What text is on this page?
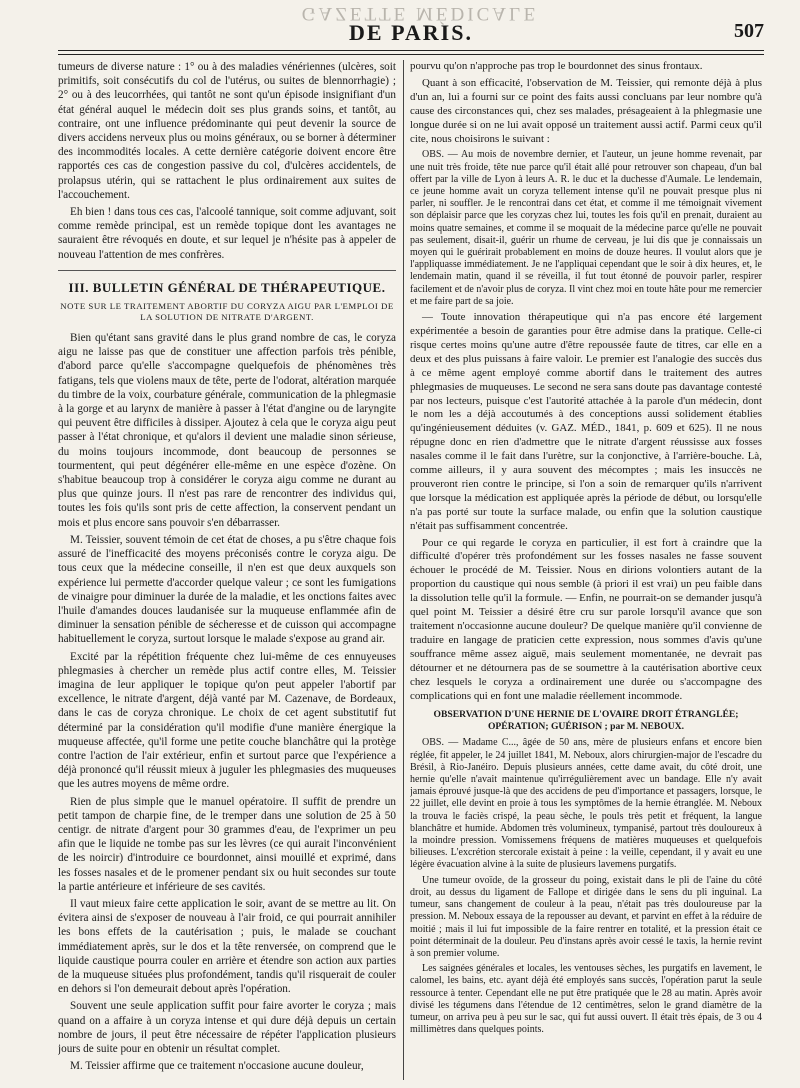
GAZETTE MÉDICALE
DE PARIS.	507

tumeurs de diverse nature : 1° ou à des maladies vénériennes (ulcères, soit primitifs, soit consécutifs du col de l'utérus, ou suites de blennorrhagie) ; 2° ou à des leucorrhées, qui tantôt ne sont qu'un épisode insignifiant d'un état général auquel le médecin doit ses plus grands soins, et tantôt, au contraire, ont une influence prédominante qui peut devenir la source de divers accidens nerveux plus ou moins généraux, ou se borner à déterminer des incommodités locales. A cette dernière catégorie doivent encore être rapportés ces cas de congestion passive du col, d'ulcères accidentels, de prolapsus utérin, qui se rattachent le plus ordinairement aux suites de l'accouchement.

Eh bien ! dans tous ces cas, l'alcoolé tannique, soit comme adjuvant, soit comme remède principal, est un remède topique dont les avantages ne sauraient être révoqués en doute, et sur lequel je n'hésite pas à appeler de nouveau l'attention de mes confrères.

III. BULLETIN GÉNÉRAL DE THÉRAPEUTIQUE.
NOTE SUR LE TRAITEMENT ABORTIF DU CORYZA AIGU PAR L'EMPLOI DE LA SOLUTION DE NITRATE D'ARGENT.

Bien qu'étant sans gravité dans le plus grand nombre de cas, le coryza aigu ne laisse pas que de constituer une affection parfois très pénible, d'abord parce qu'elle s'accompagne quelquefois de phénomènes très fatigans, tels que violens maux de tête, perte de l'odorat, altération marquée du timbre de la voix, courbature générale, communication de la phlegmasie à la gorge et au larynx de manière à passer à l'état d'angine ou de laryngite qui peuvent être difficiles à dissiper. Ajoutez à cela que le coryza aigu peut passer à l'état chronique, et qu'alors il devient une maladie sinon sérieuse, du moins toujours incommode, dont beaucoup de personnes se tourmentent, qui peut dégénérer elle-même en une espèce d'ozène. On s'habitue beaucoup trop à considérer le coryza aigu comme ne durant au plus que quinze jours. Il n'est pas rare de rencontrer des individus qui, toutes les fois qu'ils sont pris de cette affection, la conservent pendant un mois et plus encore sans pouvoir s'en débarrasser.

M. Teissier, souvent témoin de cet état de choses, a pu s'être chaque fois assuré de l'inefficacité des moyens préconisés contre le coryza aigu. De tous ceux que la médecine conseille, il n'en est que deux auxquels son expérience lui permette d'accorder quelque valeur ; ce sont les fumigations de vinaigre pour diminuer la durée de la maladie, et les onctions faites avec l'huile d'amandes douces laudanisée sur la muqueuse enflammée afin de diminuer la sensation pénible de sécheresse et de cuisson qui accompagne habituellement le coryza, surtout lorsque le malade s'expose au grand air.

Excité par la répétition fréquente chez lui-même de ces ennuyeuses phlegmasies à chercher un remède plus actif contre elles, M. Teissier imagina de leur appliquer le topique qu'on peut appeler l'abortif par excellence, le nitrate d'argent, déjà vanté par M. Cazenave, de Bordeaux, dans le cas de coryza chronique. Le choix de cet agent substitutif fut déterminé par la considération qu'il modifie d'une manière énergique la muqueuse affectée, qu'il forme une petite couche blanchâtre qui la protège contre l'action de l'air extérieur, enfin et surtout parce que l'expérience a déjà prononcé qu'il réussit mieux à juguler les phlegmasies des muqueuses que les autres moyens de même ordre.

Rien de plus simple que le manuel opératoire. Il suffit de prendre un petit tampon de charpie fine, de le tremper dans une solution de 25 à 50 centigr. de nitrate d'argent pour 30 grammes d'eau, de l'exprimer un peu afin que le liquide ne tombe pas sur les lèvres (ce qui aurait l'inconvénient de les noircir) d'introduire ce bourdonnet, ainsi mouillé et exprimé, dans les fosses nasales et de le promener pendant six ou huit secondes sur toute la partie antérieure et inférieure de ses cavités.

Il vaut mieux faire cette application le soir, avant de se mettre au lit. On évitera ainsi de s'exposer de nouveau à l'air froid, ce qui pourrait annihiler les bons effets de la cautérisation ; puis, le malade se couchant immédiatement après, sur le dos et la tête renversée, on comprend que le liquide caustique pourra couler en arrière et étendre son action aux parties de la muqueuse situées plus profondément, tandis qu'il risquerait de couler en dehors si l'on demeurait debout après l'opération.

Souvent une seule application suffit pour faire avorter le coryza ; mais quand on a affaire à un coryza intense et qui dure déjà depuis un certain nombre de jours, il peut être nécessaire de répéter l'application plusieurs jours de suite pour en obtenir un résultat complet.

M. Teissier affirme que ce traitement n'occasione aucune douleur,

pourvu qu'on n'approche pas trop le bourdonnet des sinus frontaux.

Quant à son efficacité, l'observation de M. Teissier, qui remonte déjà à plus d'un an, lui a fourni sur ce point des faits aussi concluans par leur nombre qu'à cause des circonstances qui, chez ses malades, présageaient à la phlegmasie une longue durée si on ne lui avait opposé un traitement aussi actif. Parmi ceux qu'il cite, nous choisirons le suivant :

OBS. — Au mois de novembre dernier, et l'auteur, un jeune homme revenait, par une nuit très froide, tête nue parce qu'il était allé pour retrouver son chapeau, d'un bal offert par la ville de Lyon à leurs A. R. le duc et la duchesse d'Aumale. Le lendemain, ce jeune homme avait un coryza tellement intense qu'il ne pouvait presque plus ni parler, ni souffler. Je le rencontrai dans cet état, et comme il me témoignait vivement son déplaisir parce que les coryzas chez lui, toutes les fois qu'il en prenait, duraient au moins quatre semaines, et comme il se moquait de la médecine parce qu'elle ne pouvait pas seulement, disait-il, guérir un rhume de cerveau, je lui dis que je connaissais un moyen qui le guérirait probablement en moins de douze heures. Il voulut alors que je l'appliquasse immédiatement. Je ne l'appliquai cependant que le soir à dix heures, et, le lendemain matin, quand il se réveilla, il fut tout étonné de pouvoir parler, respirer facilement et de n'avoir plus de coryza. Il vint chez moi en toute hâte pour me remercier et me faire part de sa joie.

— Toute innovation thérapeutique qui n'a pas encore été largement expérimentée a besoin de garanties pour être admise dans la pratique. Celle-ci risque certes moins qu'une autre d'être repoussée faute de titres, car elle en a deux et des plus puissans à faire valoir. Le premier est l'analogie des succès dus à ce même agent employé comme abortif dans le traitement des autres phlegmasies de muqueuses. Le second ne sera sans doute pas davantage contesté par nos lecteurs, puisque c'est l'autorité attachée à la parole d'un médecin, dont le nom les a déjà accoutumés à des conceptions aussi solidement établies qu'ingénieusement déduites (v. GAZ. MÉD., 1841, p. 609 et 625). Il ne nous répugne donc en rien d'admettre que le nitrate d'argent réussisse aux fosses nasales comme il le fait dans l'urètre, sur la conjonctive, à l'arrière-bouche. Là, comme ailleurs, il y aura souvent des mécomptes ; mais les insuccès ne prouveront rien contre le principe, si l'on a soin de remarquer qu'ils n'arrivent que lorsque la médication est appliquée après la période de début, ou lorsqu'elle n'a pas porté sur toute la surface malade, ou enfin que la solution caustique n'était pas suffisamment concentrée.

Pour ce qui regarde le coryza en particulier, il est fort à craindre que la difficulté d'opérer très profondément sur les fosses nasales ne fasse souvent échouer le procédé de M. Teissier. Nous en dirions volontiers autant de la proportion du caustique qui nous semble (à priori il est vrai) un peu faible dans la dissolution telle qu'il la formule. — Enfin, ne pourrait-on se demander jusqu'à quel point M. Teissier a désiré être cru sur parole lorsqu'il avance que son traitement n'occasionne aucune douleur? De quelque manière qu'il convienne de traduire en langage de praticien cette expression, nous sommes d'avis qu'une souffrance même assez aiguë, mais seulement momentanée, ne devrait pas détourner et ne détournera pas de se soumettre à la cautérisation abortive ceux chez lesquels le coryza a ordinairement une durée ou s'accompagne des complications qui en font une maladie réellement incommode.

OBSERVATION D'UNE HERNIE DE L'OVAIRE DROIT ÉTRANGLÉE; OPÉRATION; GUÉRISON ; par M. NEBOUX.

OBS. — Madame C..., âgée de 50 ans, mère de plusieurs enfans et encore bien réglée, fit appeler, le 24 juillet 1841, M. Neboux, alors chirurgien-major de l'escadre du Brésil, à Rio-Janéiro. Depuis plusieurs années, cette dame avait, du côté droit, une hernie qu'elle n'avait maintenue qu'irrégulièrement avec un bandage. Elle n'y avait jamais éprouvé jusque-là que des accidens de peu d'importance et passagers, lorsque, le 22 juillet, elle devint en proie à tous les symptômes de la hernie étranglée. M. Neboux la trouva le faciès crispé, la peau sèche, le pouls très petit et fréquent, la langue blanchâtre et humide. Abdomen très volumineux, tympanisé, partout très douloureux à la moindre pression. Vomissemens fréquens de matières muqueuses et quelquefois bilieuses. L'excrétion stercorale existait à peine : la veille, cependant, il y avait eu une légère évacuation alvine à la suite de plusieurs lavemens purgatifs.

Une tumeur ovoïde, de la grosseur du poing, existait dans le pli de l'aine du côté droit, au dessus du ligament de Fallope et dirigée dans le sens du pli inguinal. La tumeur, sans changement de couleur à la peau, n'était pas très douloureuse par la pression. M. Neboux essaya de la repousser au devant, et parvint en effet à la réduire de moitié ; mais il lui fut impossible de la faire rentrer en totalité, et la pression était ce point déterminait de la douleur. Peu d'instans après avoir cessé le taxis, la hernie revint à son premier volume.

Les saignées générales et locales, les ventouses sèches, les purgatifs en lavement, le calomel, les bains, etc. ayant déjà été employés sans succès, l'opération parut la seule ressource à tenter. Cependant elle ne put être pratiquée que le 28 au matin. Après avoir divisé les tégumens dans l'étendue de 12 centimètres, selon le grand diamètre de la tumeur, on arriva peu à peu sur le sac, qui fut aussi ouvert. Il était très épais, de 3 ou 4 millimètres dans quelques points.
